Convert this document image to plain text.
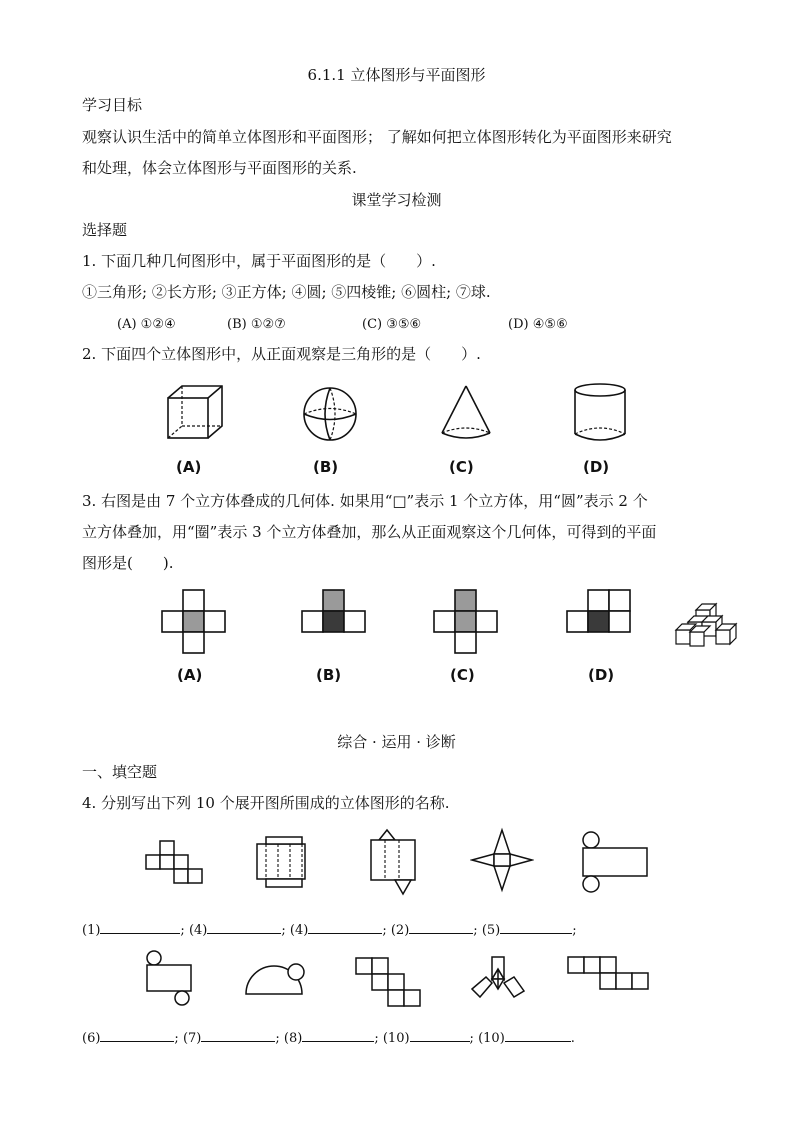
6.1.1 立体图形与平面图形
学习目标
观察认识生活中的简单立体图形和平面图形； 了解如何把立体图形转化为平面图形来研究
和处理，体会立体图形与平面图形的关系.
课堂学习检测
选择题
1. 下面几种几何图形中，属于平面图形的是（　　）.
①三角形; ②长方形; ③正方体; ④圆; ⑤四棱锥; ⑥圆柱; ⑦球.
(A) ①②④	(B) ①②⑦	(C) ③⑤⑥	(D) ④⑤⑥
2. 下面四个立体图形中，从正面观察是三角形的是（　　）.
(A)	(B)	(C)	(D)
3. 右图是由 7 个立方体叠成的几何体. 如果用“□”表示 1 个立方体，用“圆”表示 2 个
立方体叠加，用“圈”表示 3 个立方体叠加，那么从正面观察这个几何体，可得到的平面
图形是(　　).
(A)	(B)	(C)	(D)
综合 · 运用 · 诊断
一、填空题
4. 分别写出下列 10 个展开图所围成的立体图形的名称.
(1)	; (4)	; (4)	; (2)	; (5)	;
(6)	; (7)	; (8)	; (10)	; (10)	.
